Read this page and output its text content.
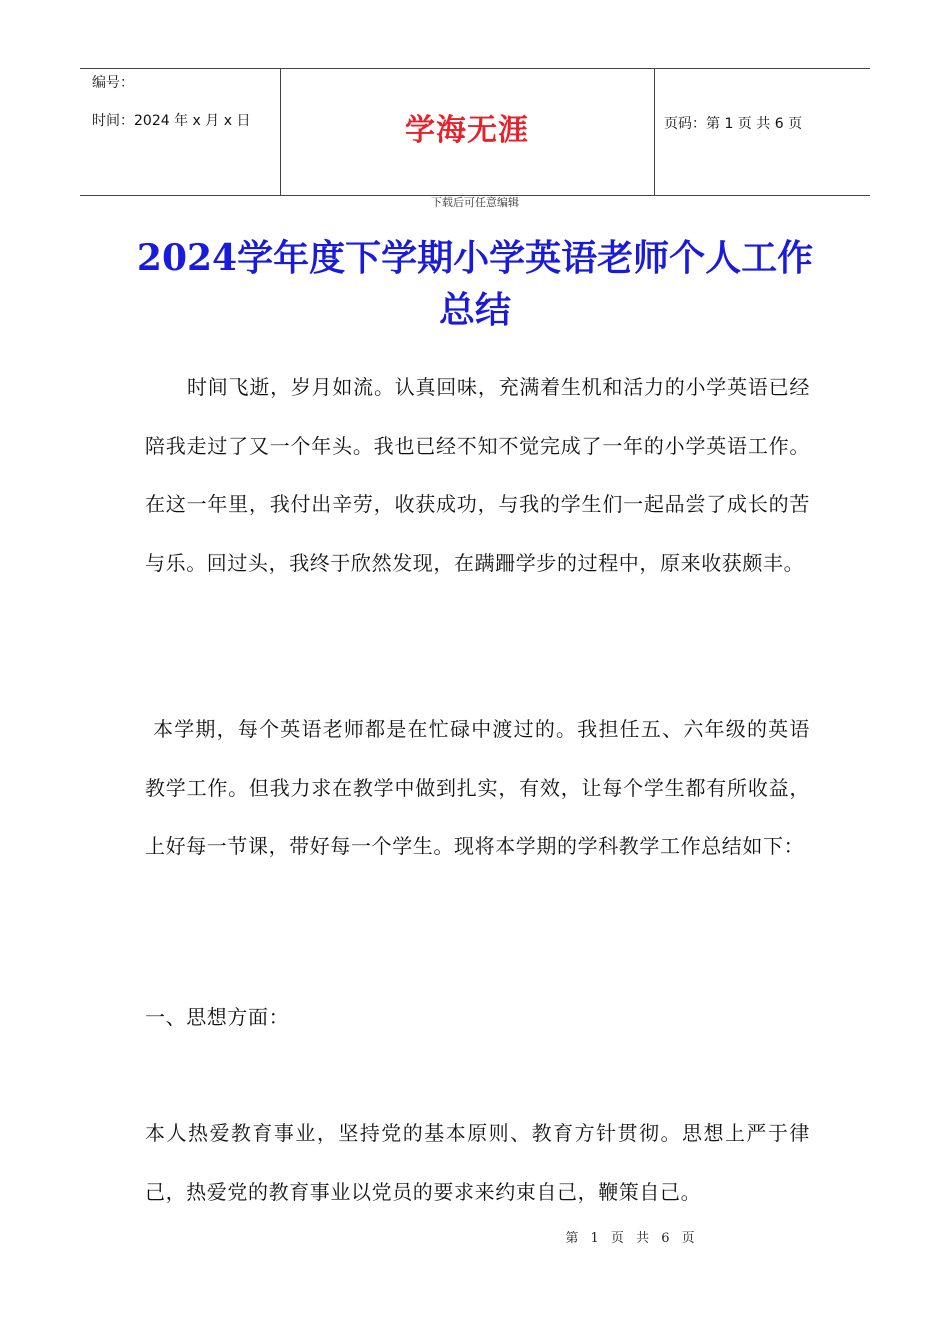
编号：
时间：2024 年 x 月 x 日	学海无涯	页码：第 1 页 共 6 页
下载后可任意编辑
2024学年度下学期小学英语老师个人工作总结
时间飞逝，岁月如流。认真回味，充满着生机和活力的小学英语已经陪我走过了又一个年头。我也已经不知不觉完成了一年的小学英语工作。在这一年里，我付出辛劳，收获成功，与我的学生们一起品尝了成长的苦与乐。回过头，我终于欣然发现，在蹒跚学步的过程中，原来收获颇丰。
本学期，每个英语老师都是在忙碌中渡过的。我担任五、六年级的英语教学工作。但我力求在教学中做到扎实，有效，让每个学生都有所收益，上好每一节课，带好每一个学生。现将本学期的学科教学工作总结如下：
一、思想方面：
本人热爱教育事业，坚持党的基本原则、教育方针贯彻。思想上严于律己，热爱党的教育事业以党员的要求来约束自己，鞭策自己。
第 1 页 共 6 页
